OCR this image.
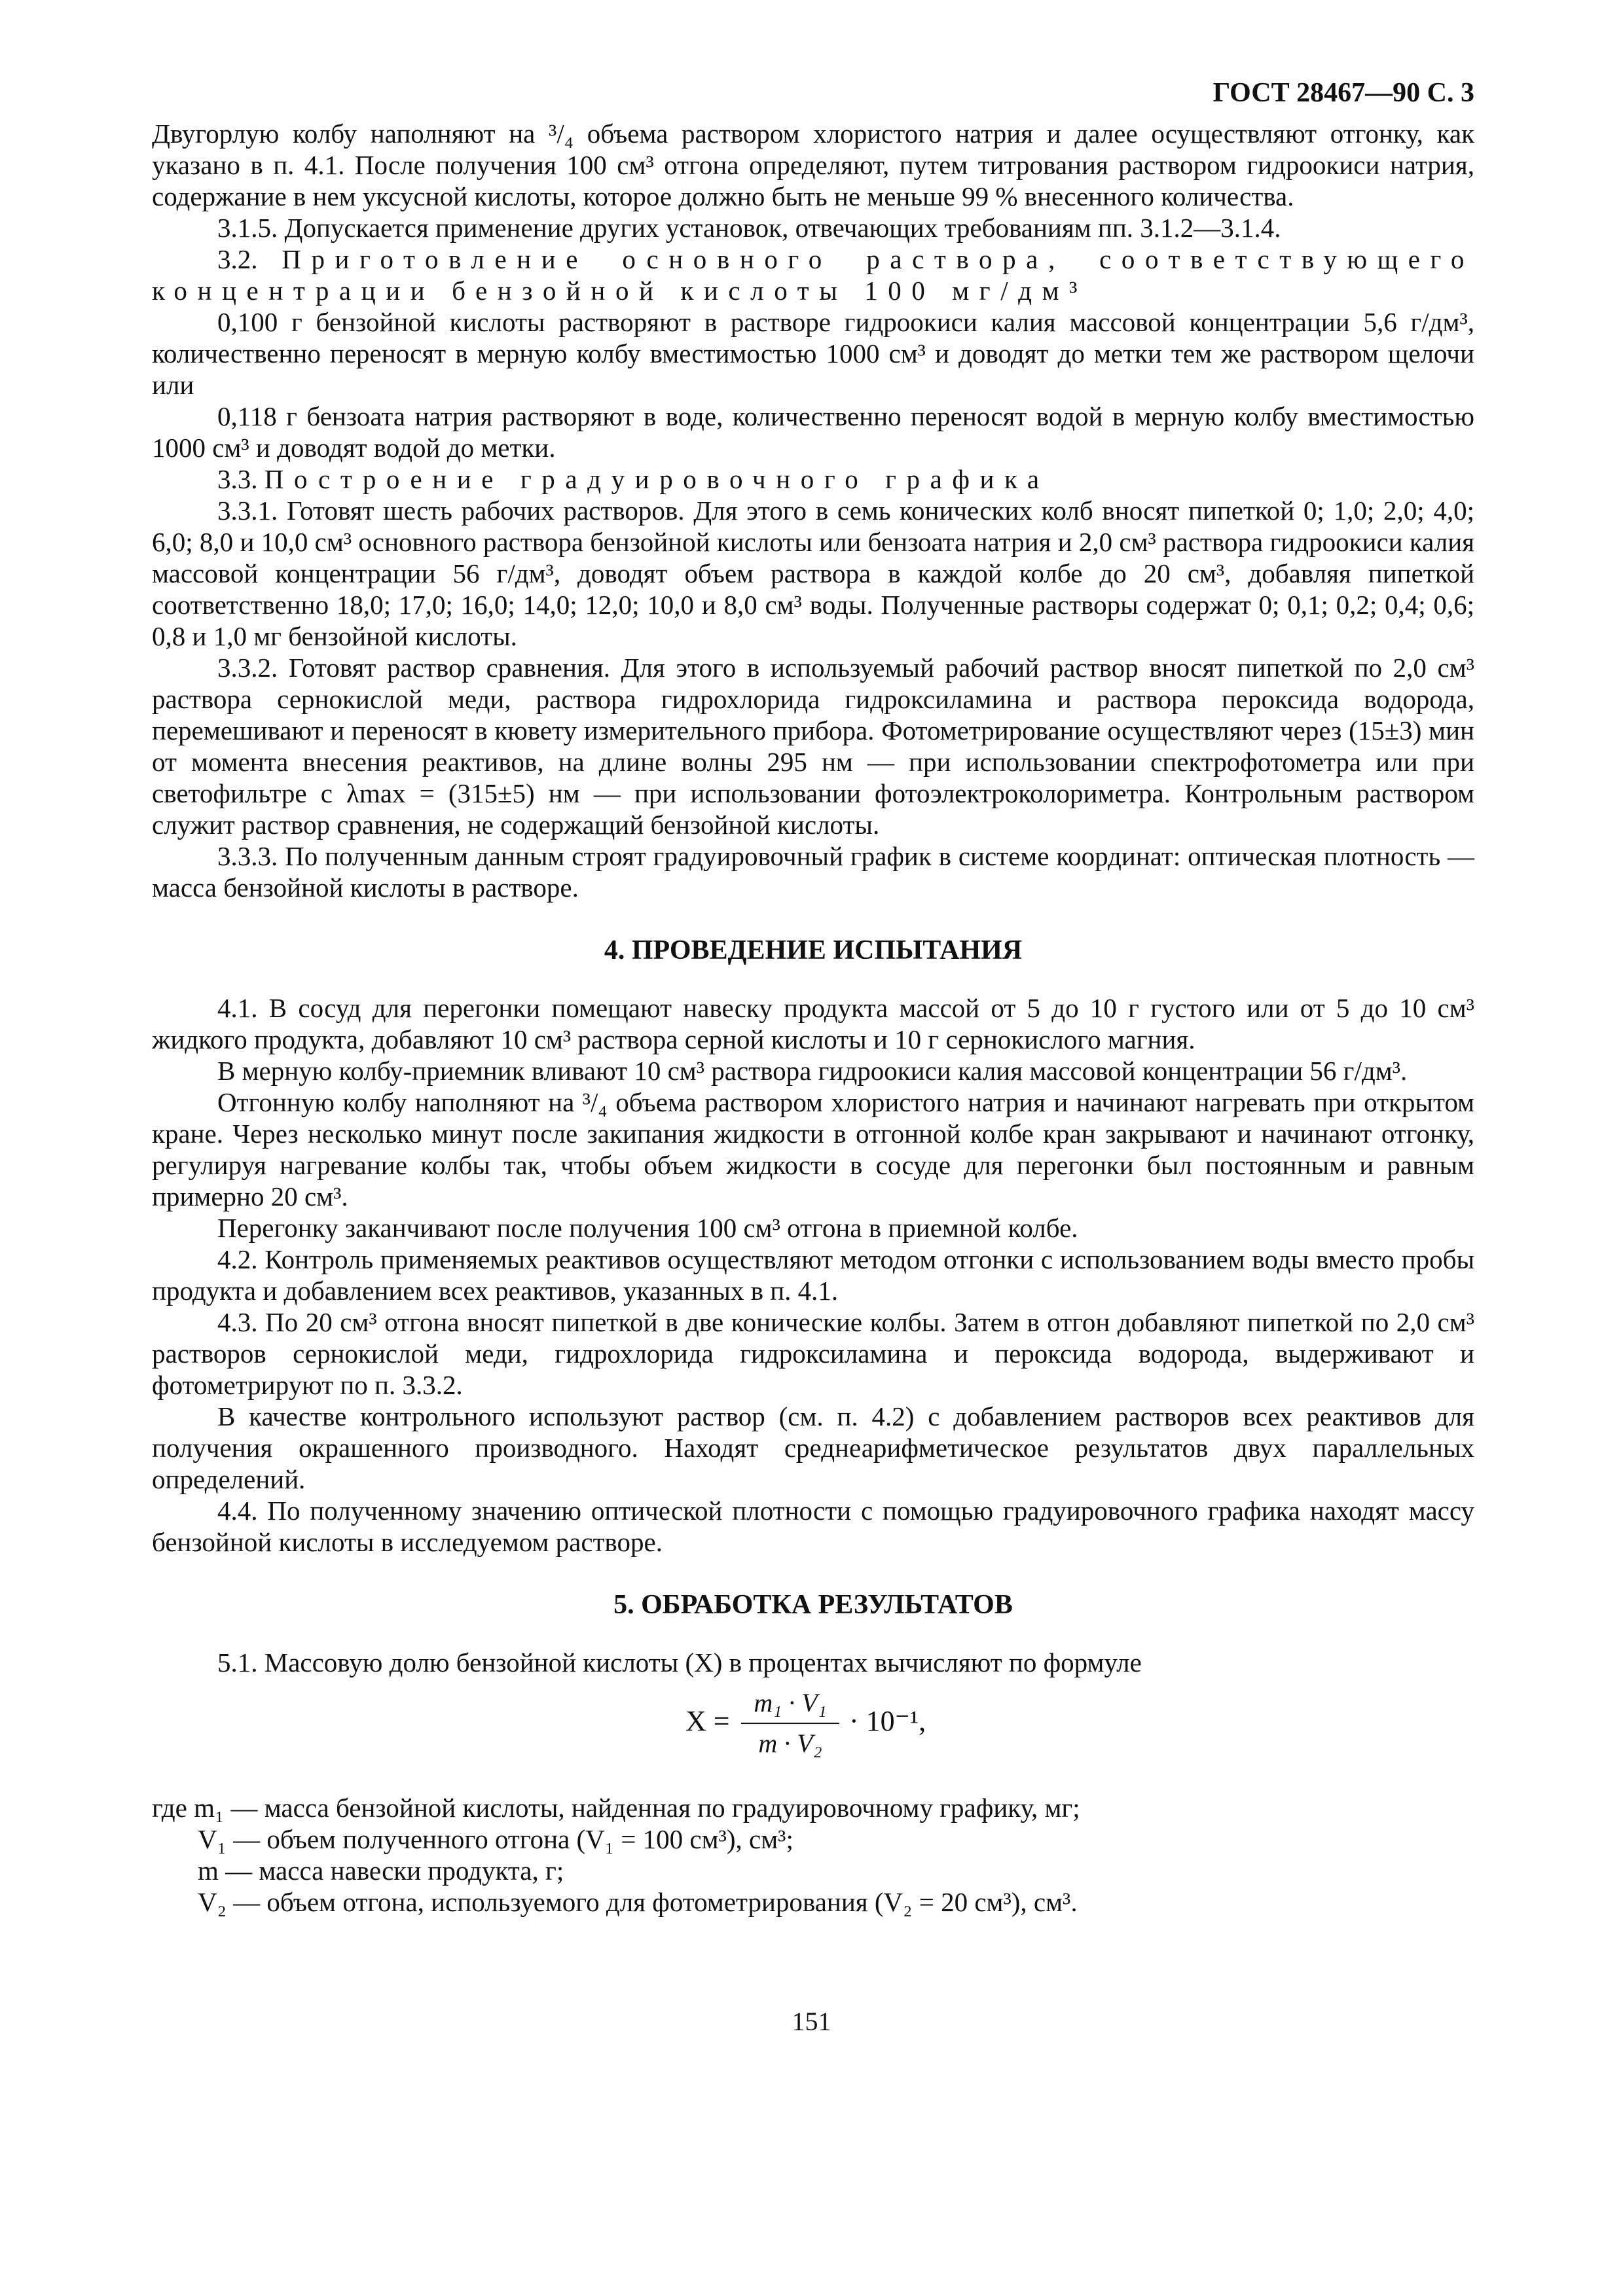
ГОСТ 28467—90 С. 3

Двугорлую колбу наполняют на ³/₄ объема раствором хлористого натрия и далее осуществляют отгонку, как указано в п. 4.1. После получения 100 см³ отгона определяют, путем титрования раствором гидроокиси натрия, содержание в нем уксусной кислоты, которое должно быть не меньше 99 % внесенного количества.

3.1.5. Допускается применение других установок, отвечающих требованиям пп. 3.1.2—3.1.4.

3.2. Приготовление основного раствора, соответствующего концентрации бензойной кислоты 100 мг/дм³

0,100 г бензойной кислоты растворяют в растворе гидроокиси калия массовой концентрации 5,6 г/дм³, количественно переносят в мерную колбу вместимостью 1000 см³ и доводят до метки тем же раствором щелочи или

0,118 г бензоата натрия растворяют в воде, количественно переносят водой в мерную колбу вместимостью 1000 см³ и доводят водой до метки.

3.3. Построение градуировочного графика

3.3.1. Готовят шесть рабочих растворов. Для этого в семь конических колб вносят пипеткой 0; 1,0; 2,0; 4,0; 6,0; 8,0 и 10,0 см³ основного раствора бензойной кислоты или бензоата натрия и 2,0 см³ раствора гидроокиси калия массовой концентрации 56 г/дм³, доводят объем раствора в каждой колбе до 20 см³, добавляя пипеткой соответственно 18,0; 17,0; 16,0; 14,0; 12,0; 10,0 и 8,0 см³ воды. Полученные растворы содержат 0; 0,1; 0,2; 0,4; 0,6; 0,8 и 1,0 мг бензойной кислоты.

3.3.2. Готовят раствор сравнения. Для этого в используемый рабочий раствор вносят пипеткой по 2,0 см³ раствора сернокислой меди, раствора гидрохлорида гидроксиламина и раствора пероксида водорода, перемешивают и переносят в кювету измерительного прибора. Фотометрирование осуществляют через (15±3) мин от момента внесения реактивов, на длине волны 295 нм — при использовании спектрофотометра или при светофильтре с λmax = (315±5) нм — при использовании фотоэлектроколориметра. Контрольным раствором служит раствор сравнения, не содержащий бензойной кислоты.

3.3.3. По полученным данным строят градуировочный график в системе координат: оптическая плотность — масса бензойной кислоты в растворе.

4. ПРОВЕДЕНИЕ ИСПЫТАНИЯ

4.1. В сосуд для перегонки помещают навеску продукта массой от 5 до 10 г густого или от 5 до 10 см³ жидкого продукта, добавляют 10 см³ раствора серной кислоты и 10 г сернокислого магния.

В мерную колбу-приемник вливают 10 см³ раствора гидроокиси калия массовой концентрации 56 г/дм³.

Отгонную колбу наполняют на ³/₄ объема раствором хлористого натрия и начинают нагревать при открытом кране. Через несколько минут после закипания жидкости в отгонной колбе кран закрывают и начинают отгонку, регулируя нагревание колбы так, чтобы объем жидкости в сосуде для перегонки был постоянным и равным примерно 20 см³.

Перегонку заканчивают после получения 100 см³ отгона в приемной колбе.

4.2. Контроль применяемых реактивов осуществляют методом отгонки с использованием воды вместо пробы продукта и добавлением всех реактивов, указанных в п. 4.1.

4.3. По 20 см³ отгона вносят пипеткой в две конические колбы. Затем в отгон добавляют пипеткой по 2,0 см³ растворов сернокислой меди, гидрохлорида гидроксиламина и пероксида водорода, выдерживают и фотометрируют по п. 3.3.2.

В качестве контрольного используют раствор (см. п. 4.2) с добавлением растворов всех реактивов для получения окрашенного производного. Находят среднеарифметическое результатов двух параллельных определений.

4.4. По полученному значению оптической плотности с помощью градуировочного графика находят массу бензойной кислоты в исследуемом растворе.

5. ОБРАБОТКА РЕЗУЛЬТАТОВ

5.1. Массовую долю бензойной кислоты (X) в процентах вычисляют по формуле

X =
m₁ · V₁
m · V₂
· 10⁻¹,

где m₁ — масса бензойной кислоты, найденная по градуировочному графику, мг;

V₁ — объем полученного отгона (V₁ = 100 см³), см³;

m — масса навески продукта, г;

V₂ — объем отгона, используемого для фотометрирования (V₂ = 20 см³), см³.

151
